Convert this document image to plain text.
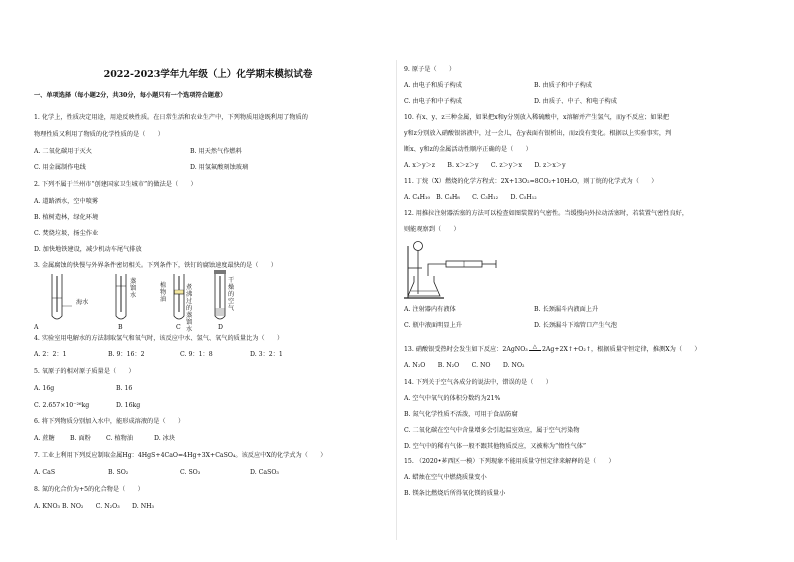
2022-2023学年九年级（上）化学期末模拟试卷
一、单项选择（每小题2分，共30分，每小题只有一个选项符合题意）
1. 化学上，性质决定用途，用途反映性质。在日常生活和农业生产中，下列物质用途既利用了物质的
物理性质又利用了物质的化学性质的是（　　）
A. 二氧化碳用于灭火	B. 用天然气作燃料
C. 用金属制作电线	D. 用氢氟酸刻蚀玻璃
2. 下列不属于兰州市“创建国家卫生城市”的做法是（　　）
A. 道路洒水，空中喷雾
B. 植树造林，绿化环境
C. 焚烧垃圾，扬尘作业
D. 加快地铁建设，减少机动车尾气排放
3. 金属腐蚀的快慢与外界条件密切相关。下列条件下，铁钉的腐蚀速度最快的是（　　）
海水
蒸馏水
植物油
煮沸过的蒸馏水
干燥的空气
A	B	C	D
4. 实验室用电解水的方法制取氢气和氧气时，该反应中水、氢气、氧气的质量比为（　　）
A. 2：2：1	B. 9：16：2	C. 9：1：8	D. 3：2：1
5. 氧原子的相对原子质量是（　　）
A. 16g	B. 16
C. 2.657×10⁻²⁶kg	D. 16kg
6. 将下列物质分别加入水中，能形成溶液的是（　　）
A. 蔗糖 B. 面粉 C. 植物油	D. 冰块
7. 工业上利用下列反应制取金属Hg：4HgS+4CaO=4Hg+3X+CaSO₄。该反应中X的化学式为（　　）
A. CaS	B. SO₂	C. SO₃	D. CaSO₃
8. 氮的化合价为+5的化合物是（　　）
A. KNO₃ B. NO₂　　C. N₂O₃　　D. NH₃
9. 原子是（　　）
A. 由电子和质子构成	B. 由质子和中子构成
C. 由电子和中子构成	D. 由质子、中子、和电子构成
10. 有x、y、z三种金属，如果把x和y分别放入稀硫酸中，x溶解并产生氢气，而y不反应；如果把
y和z分别放入硝酸银溶液中，过一会儿，在y表面有银析出，而z没有变化。根据以上实验事实，判
断x、y和z的金属活动性顺序正确的是（　　）
A. x＞y＞z　　B. x＞z＞y　　C. z＞y＞x　　D. z＞x＞y
11. 丁烷（X）燃烧的化学方程式：2X+13O₂=8CO₂+10H₂O，则丁烷的化学式为（　　）
A. C₄H₁₀　B. C₄H₈　　C. C₃H₁₂　　D. C₅H₁₂
12. 用推拉注射器活塞的方法可以检查如图装置的气密性。当缓慢向外拉动活塞时，若装置气密性良好，
则能观察到（　　）
A. 注射器内有液体	B. 长颈漏斗内液面上升
C. 瓶中液面明显上升	D. 长颈漏斗下端管口产生气泡
13. 硝酸银受热时会发生如下反应：2AgNO₃ △ 2Ag+2X↑+O₂↑，根据质量守恒定律，推测X为（　　）
A. N₂O　　B. N₂O　　C. NO　　D. NO₂
14. 下列关于空气各成分的说法中，错误的是（　　）
A. 空气中氧气的体积分数约为21%
B. 氮气化学性质不活泼，可用于食品防腐
C. 二氧化碳在空气中含量增多会引起温室效应，属于空气污染物
D. 空气中的稀有气体一般不跟其他物质反应，又被称为“惰性气体”
15. （2020•芗西区一模）下列现象不能用质量守恒定律来解释的是（　　）
A. 蜡烛在空气中燃烧质量变小
B. 镁条比燃烧后所得氧化镁的质量小
